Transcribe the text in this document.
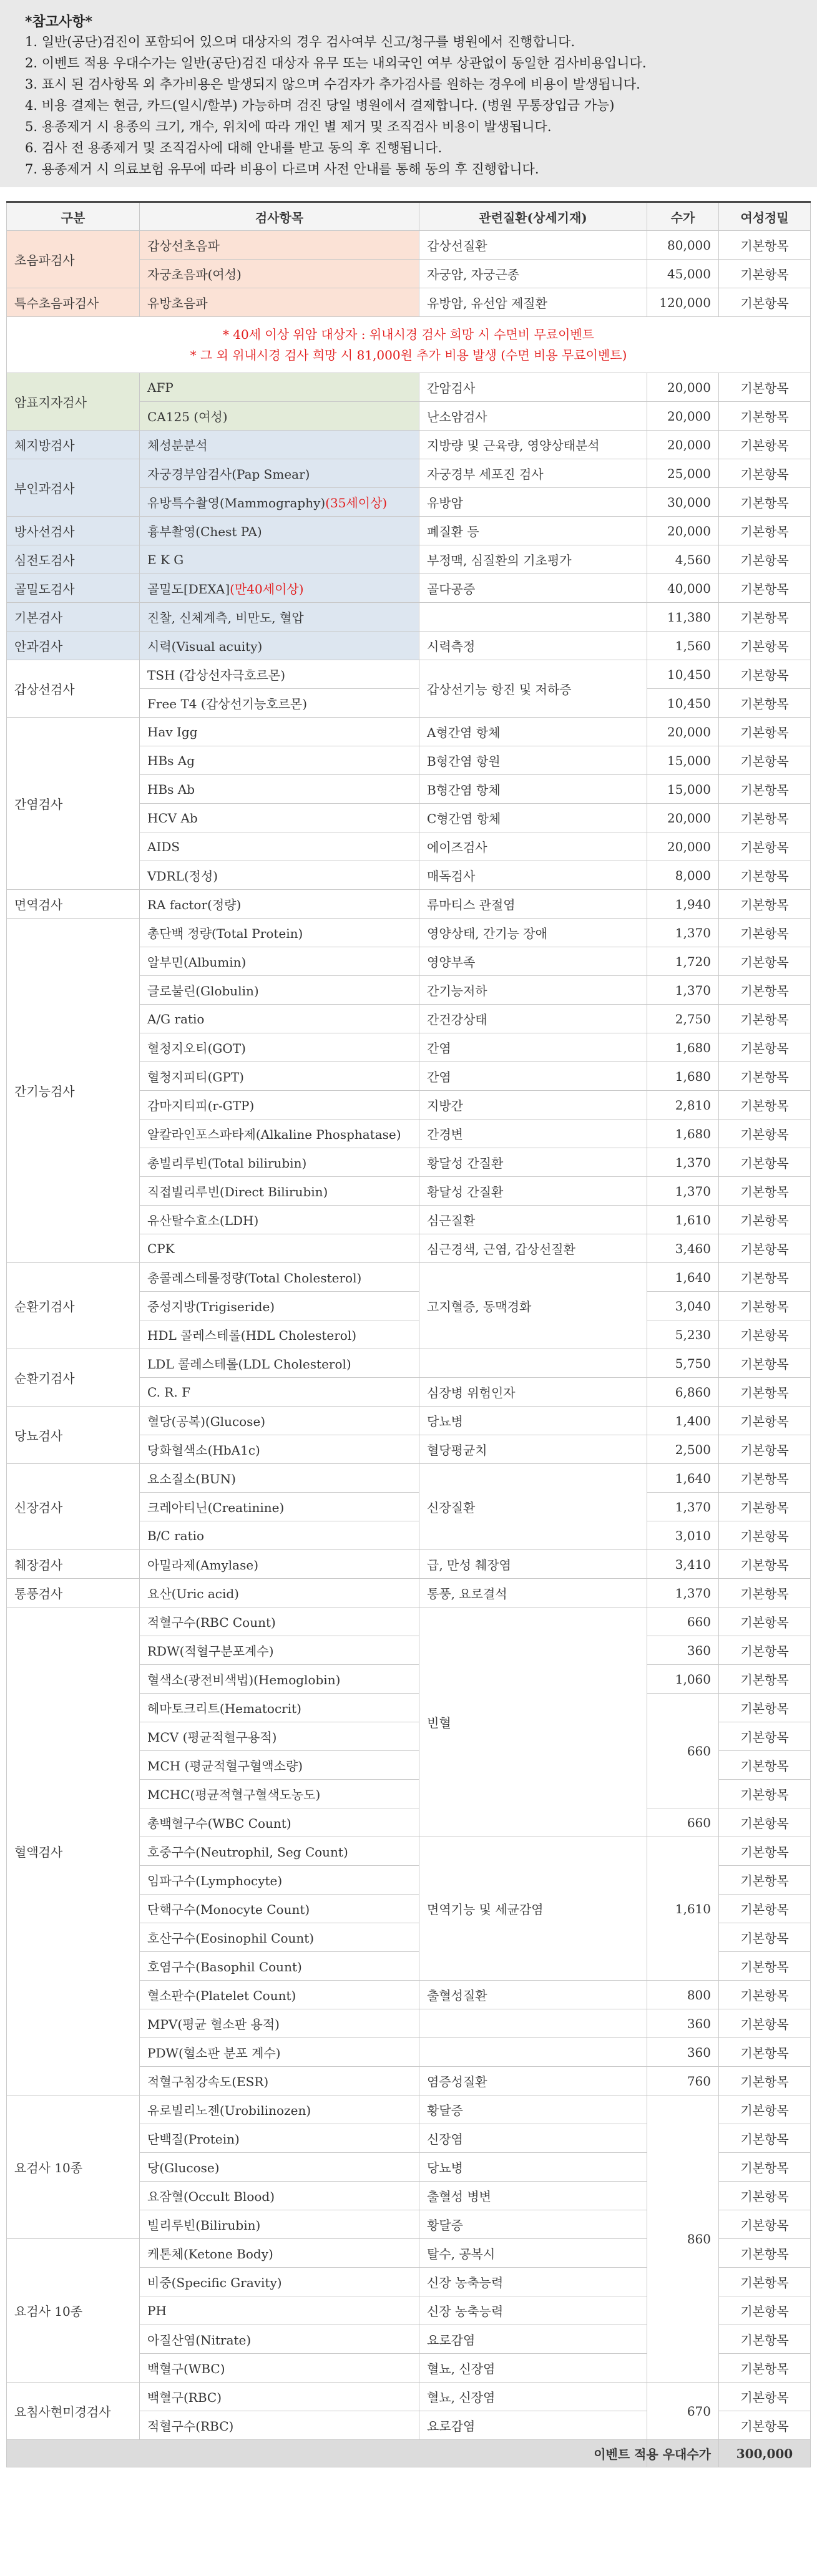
*참고사항*
1. 일반(공단)검진이 포함되어 있으며 대상자의 경우 검사여부 신고/청구를 병원에서 진행합니다.
2. 이벤트 적용 우대수가는 일반(공단)검진 대상자 유무 또는 내외국인 여부 상관없이 동일한 검사비용입니다.
3. 표시 된 검사항목 외 추가비용은 발생되지 않으며 수검자가 추가검사를 원하는 경우에 비용이 발생됩니다.
4. 비용 결제는 현금, 카드(일시/할부) 가능하며 검진 당일 병원에서 결제합니다. (병원 무통장입금 가능)
5. 용종제거 시 용종의 크기, 개수, 위치에 따라 개인 별 제거 및 조직검사 비용이 발생됩니다.
6. 검사 전 용종제거 및 조직검사에 대해 안내를 받고 동의 후 진행됩니다.
7. 용종제거 시 의료보험 유무에 따라 비용이 다르며 사전 안내를 통해 동의 후 진행합니다.
구분	검사항목	관련질환(상세기재)	수가	여성정밀
초음파검사	갑상선초음파	갑상선질환	80,000	기본항목
	자궁초음파(여성)	자궁암, 자궁근종	45,000	기본항목
특수초음파검사	유방초음파	유방암, 유선암 제질환	120,000	기본항목

* 40세 이상 위암 대상자 : 위내시경 검사 희망 시 수면비 무료이벤트
* 그 외 위내시경 검사 희망 시 81,000원 추가 비용 발생 (수면 비용 무료이벤트)				

암표지자검사	AFP	간암검사	20,000	기본항목
	CA125 (여성)	난소암검사	20,000	기본항목
체지방검사	체성분분석	지방량 및 근육량, 영양상태분석	20,000	기본항목
부인과검사	자궁경부암검사(Pap Smear)	자궁경부 세포진 검사	25,000	기본항목
	유방특수촬영(Mammography)(35세이상)	유방암	30,000	기본항목
방사선검사	흉부촬영(Chest PA)	폐질환 등	20,000	기본항목
심전도검사	E K G	부정맥, 심질환의 기초평가	4,560	기본항목
골밀도검사	골밀도[DEXA](만40세이상)	골다공증	40,000	기본항목
기본검사	진찰, 신체계측, 비만도, 혈압		11,380	기본항목
안과검사	시력(Visual acuity)	시력측정	1,560	기본항목
갑상선검사	TSH (갑상선자극호르몬)	갑상선기능 항진 및 저하증	10,450	기본항목
	Free T4 (갑상선기능호르몬)		10,450	기본항목
간염검사	Hav Igg	A형간염 항체	20,000	기본항목
	HBs Ag	B형간염 항원	15,000	기본항목
	HBs Ab	B형간염 항체	15,000	기본항목
	HCV Ab	C형간염 항체	20,000	기본항목
	AIDS	에이즈검사	20,000	기본항목
	VDRL(정성)	매독검사	8,000	기본항목
면역검사	RA factor(정량)	류마티스 관절염	1,940	기본항목
간기능검사	총단백 정량(Total Protein)	영양상태, 간기능 장애	1,370	기본항목
	알부민(Albumin)	영양부족	1,720	기본항목
	글로불린(Globulin)	간기능저하	1,370	기본항목
	A/G ratio	간건강상태	2,750	기본항목
	혈청지오티(GOT)	간염	1,680	기본항목
	혈청지피티(GPT)	간염	1,680	기본항목
	감마지티피(r-GTP)	지방간	2,810	기본항목
	알칼라인포스파타제(Alkaline Phosphatase)	간경변	1,680	기본항목
	총빌리루빈(Total bilirubin)	황달성 간질환	1,370	기본항목
	직접빌리루빈(Direct Bilirubin)	황달성 간질환	1,370	기본항목
	유산탈수효소(LDH)	심근질환	1,610	기본항목
	CPK	심근경색, 근염, 갑상선질환	3,460	기본항목
순환기검사	총콜레스테롤정량(Total Cholesterol)	고지혈증, 동맥경화	1,640	기본항목
	중성지방(Trigiseride)		3,040	기본항목
	HDL 콜레스테롤(HDL Cholesterol)		5,230	기본항목
순환기검사	LDL 콜레스테롤(LDL Cholesterol)		5,750	기본항목
	C. R. F	심장병 위험인자	6,860	기본항목
당뇨검사	혈당(공복)(Glucose)	당뇨병	1,400	기본항목
	당화혈색소(HbA1c)	혈당평균치	2,500	기본항목
신장검사	요소질소(BUN)	신장질환	1,640	기본항목
	크레아티닌(Creatinine)		1,370	기본항목
	B/C ratio		3,010	기본항목
췌장검사	아밀라제(Amylase)	급, 만성 췌장염	3,410	기본항목
통풍검사	요산(Uric acid)	통풍, 요로결석	1,370	기본항목
혈액검사	적혈구수(RBC Count)	빈혈	660	기본항목
	RDW(적혈구분포계수)		360	기본항목
	혈색소(광전비색법)(Hemoglobin)		1,060	기본항목
	헤마토크리트(Hematocrit)		660	기본항목
	MCV (평균적혈구용적)			기본항목
	MCH (평균적혈구혈액소량)			기본항목
	MCHC(평균적혈구혈색도농도)			기본항목
	총백혈구수(WBC Count)		660	기본항목
	호중구수(Neutrophil, Seg Count)	면역기능 및 세균감염	1,610	기본항목
	임파구수(Lymphocyte)			기본항목
	단핵구수(Monocyte Count)			기본항목
	호산구수(Eosinophil Count)			기본항목
	호염구수(Basophil Count)			기본항목
	혈소판수(Platelet Count)	출혈성질환	800	기본항목
	MPV(평균 혈소판 용적)		360	기본항목
	PDW(혈소판 분포 계수)		360	기본항목
	적혈구침강속도(ESR)	염증성질환	760	기본항목
요검사 10종	유로빌리노젠(Urobilinozen)	황달증	860	기본항목
	단백질(Protein)	신장염		기본항목
	당(Glucose)	당뇨병		기본항목
	요잠혈(Occult Blood)	출혈성 병변		기본항목
	빌리루빈(Bilirubin)	황달증		기본항목
요검사 10종	케톤체(Ketone Body)	탈수, 공복시		기본항목
	비중(Specific Gravity)	신장 농축능력		기본항목
	PH	신장 농축능력		기본항목
	아질산염(Nitrate)	요로감염		기본항목
	백혈구(WBC)	혈뇨, 신장염		기본항목
요침사현미경검사	백혈구(RBC)	혈뇨, 신장염	670	기본항목
	적혈구수(RBC)	요로감염		기본항목
			이벤트 적용 우대수가	300,000
